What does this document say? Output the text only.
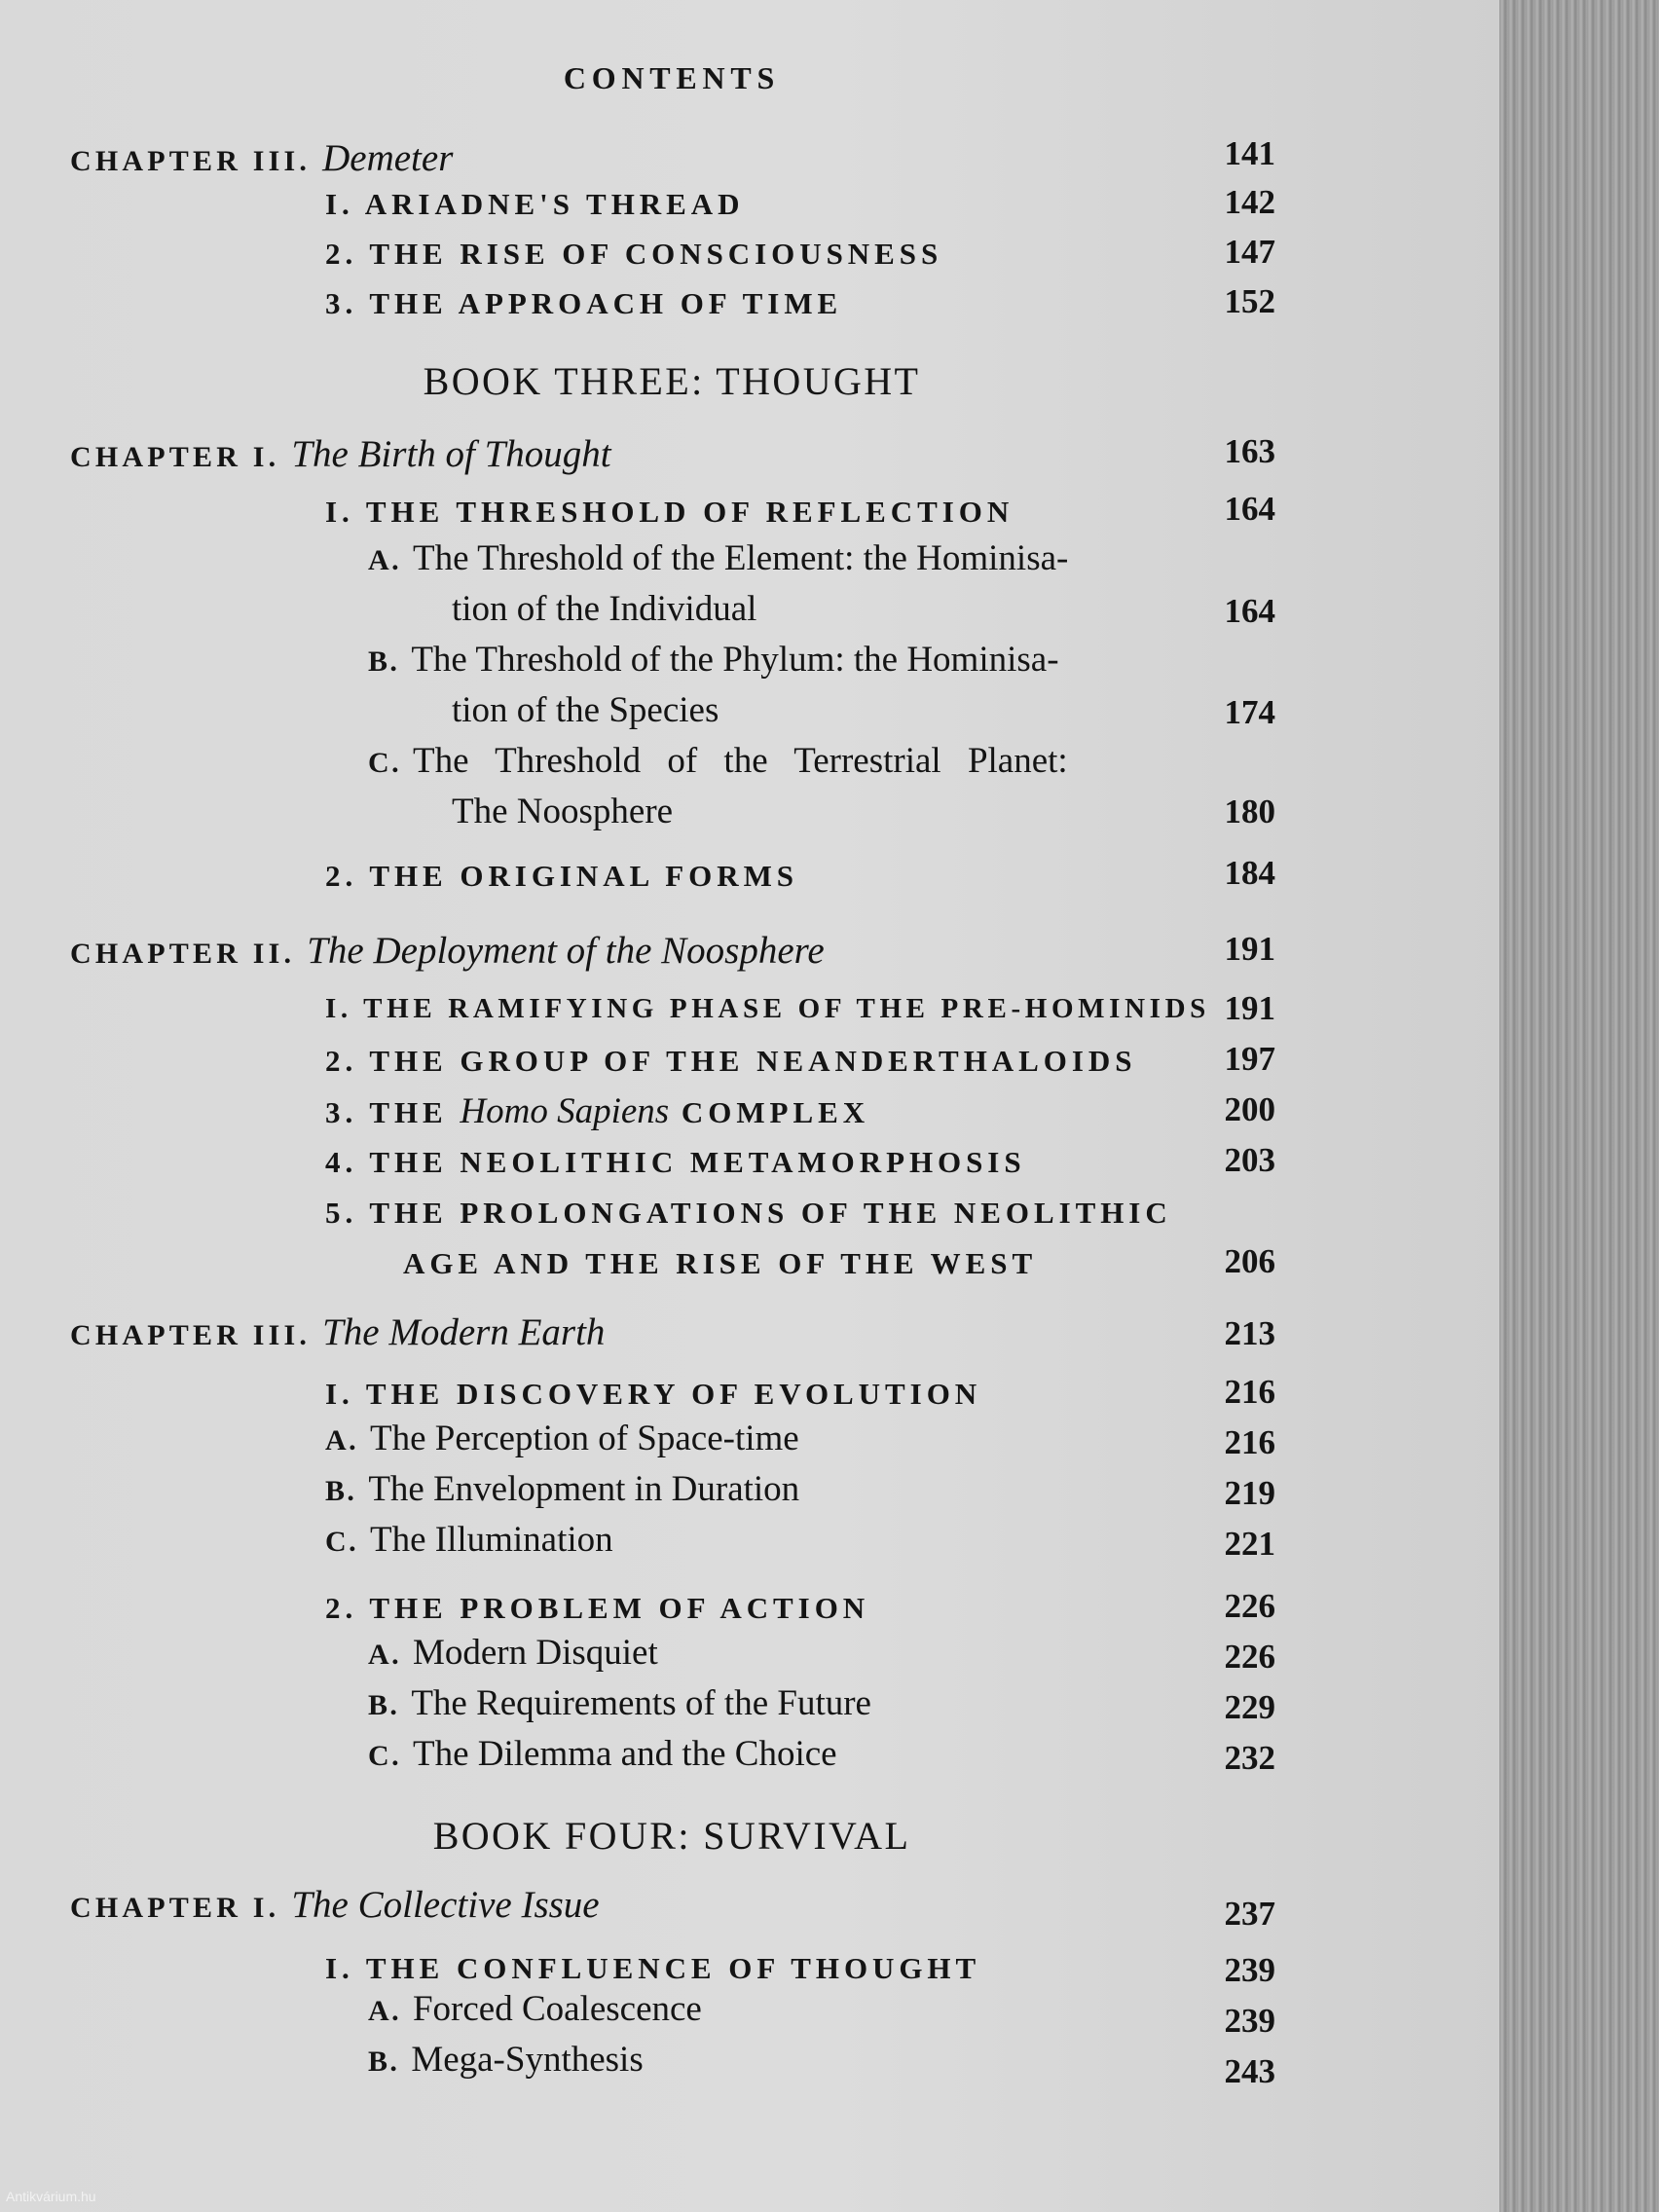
CONTENTS
CHAPTER III. Demeter	141
I. ARIADNE'S THREAD	142
2. THE RISE OF CONSCIOUSNESS	147
3. THE APPROACH OF TIME	152
BOOK THREE: THOUGHT
CHAPTER I. The Birth of Thought	163
I. THE THRESHOLD OF REFLECTION	164
A. The Threshold of the Element: the Hominisa-
tion of the Individual	164
B. The Threshold of the Phylum: the Hominisa-
tion of the Species	174
C. The Threshold of the Terrestrial Planet:
The Noosphere	180
2. THE ORIGINAL FORMS	184
CHAPTER II. The Deployment of the Noosphere	191
I. THE RAMIFYING PHASE OF THE PRE-HOMINIDS 191
2. THE GROUP OF THE NEANDERTHALOIDS	197
3. THE Homo Sapiens COMPLEX	200
4. THE NEOLITHIC METAMORPHOSIS	203
5. THE PROLONGATIONS OF THE NEOLITHIC
AGE AND THE RISE OF THE WEST	206
CHAPTER III. The Modern Earth	213
I. THE DISCOVERY OF EVOLUTION	216
A. The Perception of Space-time	216
B. The Envelopment in Duration	219
C. The Illumination	221
2. THE PROBLEM OF ACTION	226
A. Modern Disquiet	226
B. The Requirements of the Future	229
C. The Dilemma and the Choice	232
BOOK FOUR: SURVIVAL
CHAPTER I. The Collective Issue	237
I. THE CONFLUENCE OF THOUGHT	239
A. Forced Coalescence	239
B. Mega-Synthesis	243
Antikvárium.hu
